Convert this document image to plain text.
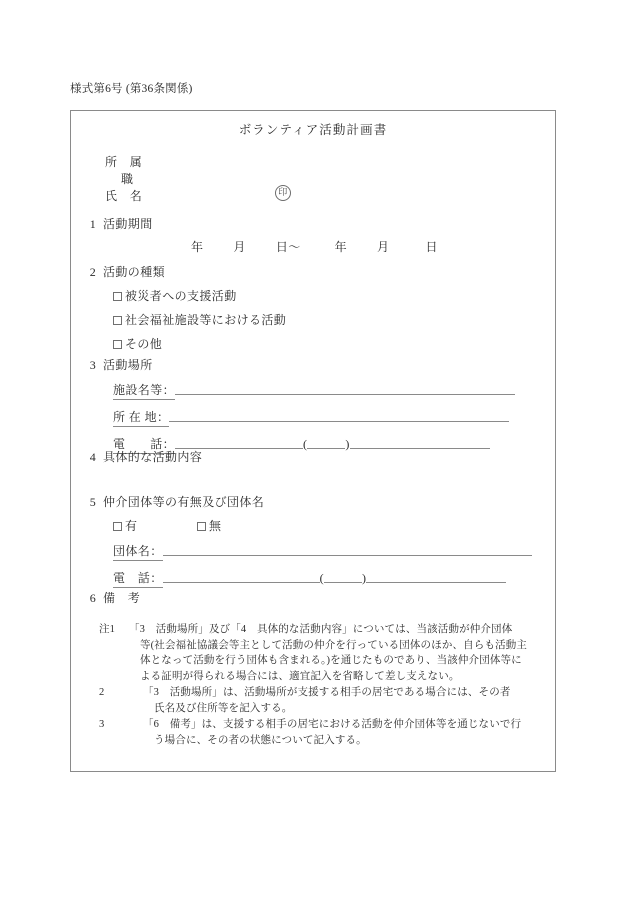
様式第6号 (第36条関係)
ボランティア活動計画書
所　属
職
氏　名	印
1 活動期間
年	月	日〜	年	月	日
2 活動の種類
被災者への支援活動
社会福祉施設等における活動
その他
3 活動場所
施設名等：
所 在 地：
電　　話：	(	)
4 具体的な活動内容
5 仲介団体等の有無及び団体名
有	無
団体名：
電　話：	(	)
6 備　考
注1	「3　活動場所」及び「4　具体的な活動内容」については、当該活動が仲介団体
等(社会福祉協議会等主として活動の仲介を行っている団体のほか、自らも活動主
体となって活動を行う団体も含まれる。)を通じたものであり、当該仲介団体等に
よる証明が得られる場合には、適宜記入を省略して差し支えない。
2	「3　活動場所」は、活動場所が支援する相手の居宅である場合には、その者
氏名及び住所等を記入する。
3	「6　備考」は、支援する相手の居宅における活動を仲介団体等を通じないで行
う場合に、その者の状態について記入する。
